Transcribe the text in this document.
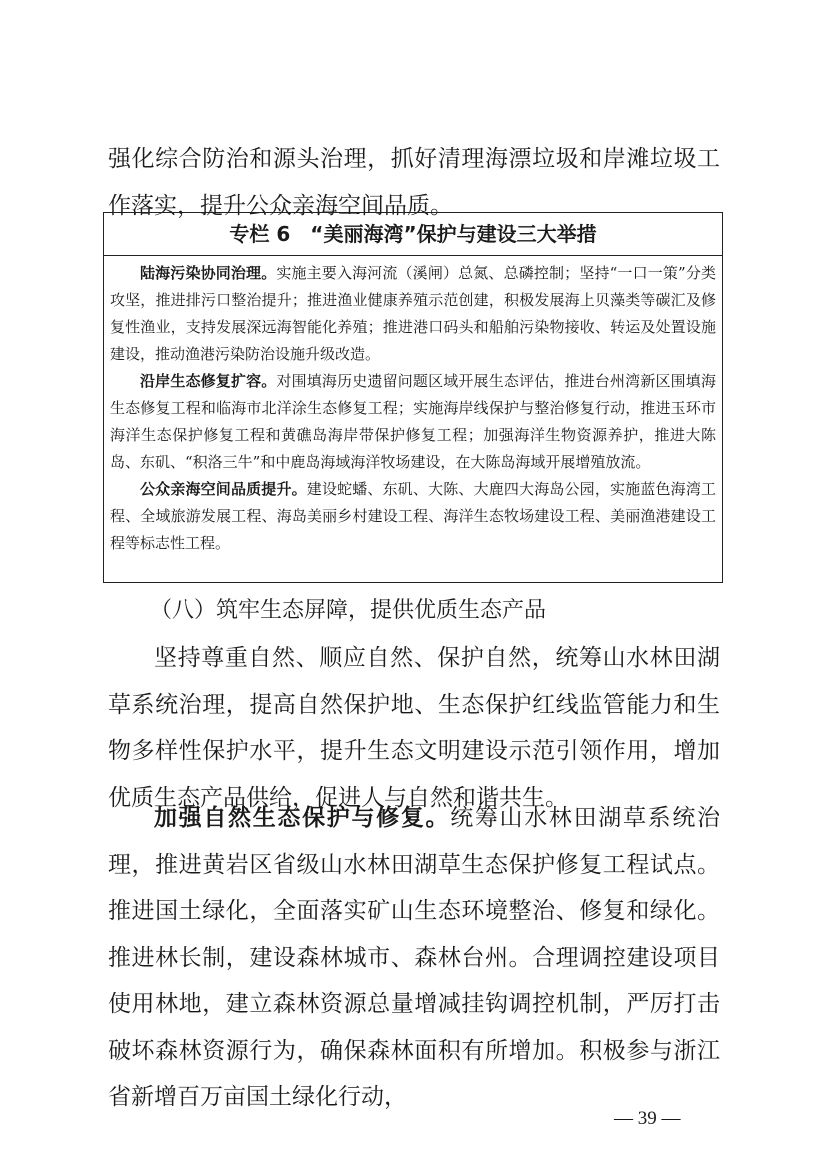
强化综合防治和源头治理，抓好清理海漂垃圾和岸滩垃圾工作落实，提升公众亲海空间品质。

专栏 6 “美丽海湾”保护与建设三大举措

陆海污染协同治理。实施主要入海河流（溪闸）总氮、总磷控制；坚持“一口一策”分类攻坚，推进排污口整治提升；推进渔业健康养殖示范创建，积极发展海上贝藻类等碳汇及修复性渔业，支持发展深远海智能化养殖；推进港口码头和船舶污染物接收、转运及处置设施建设，推动渔港污染防治设施升级改造。

沿岸生态修复扩容。对围填海历史遗留问题区域开展生态评估，推进台州湾新区围填海生态修复工程和临海市北洋涂生态修复工程；实施海岸线保护与整治修复行动，推进玉环市海洋生态保护修复工程和黄礁岛海岸带保护修复工程；加强海洋生物资源养护，推进大陈岛、东矶、“积洛三牛”和中鹿岛海域海洋牧场建设，在大陈岛海域开展增殖放流。

公众亲海空间品质提升。建设蛇蟠、东矶、大陈、大鹿四大海岛公园，实施蓝色海湾工程、全域旅游发展工程、海岛美丽乡村建设工程、海洋生态牧场建设工程、美丽渔港建设工程等标志性工程。

（八）筑牢生态屏障，提供优质生态产品

坚持尊重自然、顺应自然、保护自然，统筹山水林田湖草系统治理，提高自然保护地、生态保护红线监管能力和生物多样性保护水平，提升生态文明建设示范引领作用，增加优质生态产品供给，促进人与自然和谐共生。

加强自然生态保护与修复。统筹山水林田湖草系统治理，推进黄岩区省级山水林田湖草生态保护修复工程试点。推进国土绿化，全面落实矿山生态环境整治、修复和绿化。推进林长制，建设森林城市、森林台州。合理调控建设项目使用林地，建立森林资源总量增减挂钩调控机制，严厉打击破坏森林资源行为，确保森林面积有所增加。积极参与浙江省新增百万亩国土绿化行动，

— 39 —
